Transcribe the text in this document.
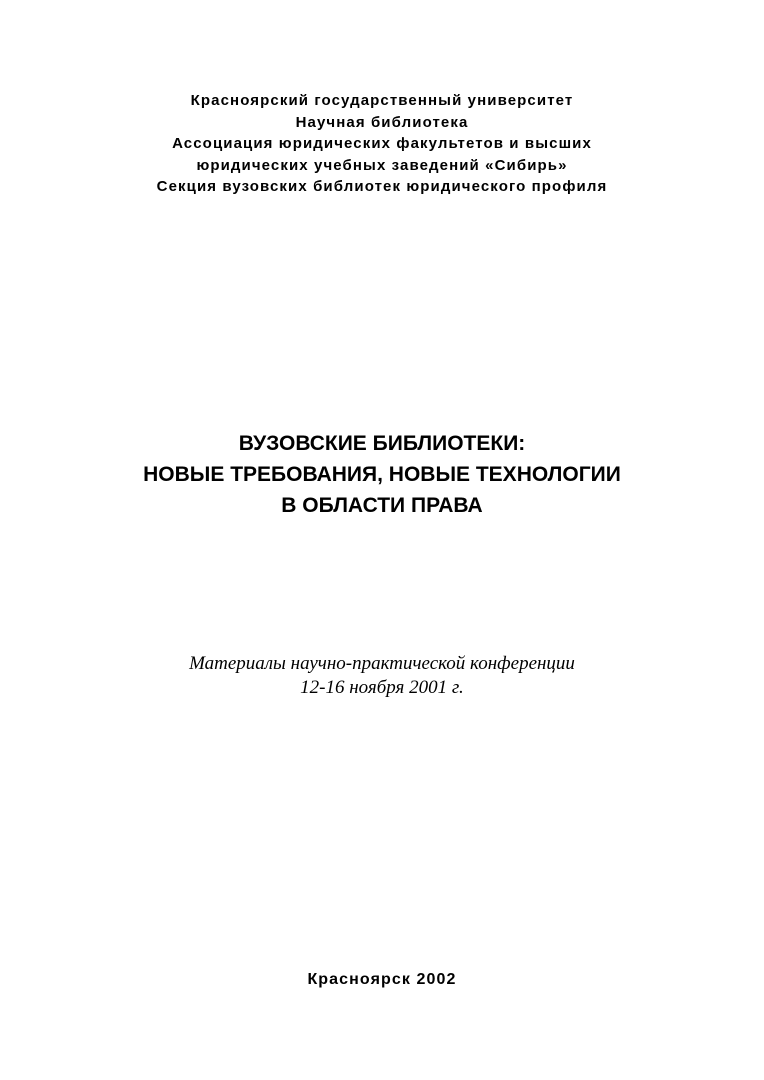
Красноярский государственный университет
Научная библиотека
Ассоциация юридических факультетов и высших
юридических учебных заведений «Сибирь»
Секция вузовских библиотек юридического профиля
ВУЗОВСКИЕ БИБЛИОТЕКИ:
НОВЫЕ ТРЕБОВАНИЯ, НОВЫЕ ТЕХНОЛОГИИ
В ОБЛАСТИ ПРАВА
Материалы научно-практической конференции
12-16 ноября 2001 г.
Красноярск 2002
